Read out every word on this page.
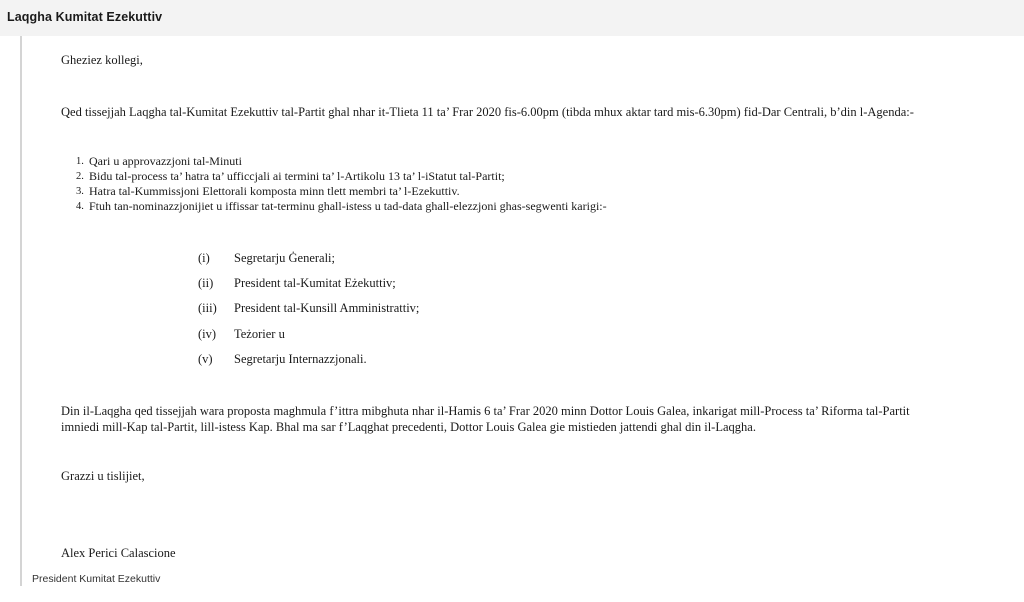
Laqgha Kumitat Ezekuttiv
Gheziez kollegi,
Qed tissejjah Laqgha tal-Kumitat Ezekuttiv tal-Partit ghal nhar it-Tlieta 11 ta’ Frar 2020 fis-6.00pm (tibda mhux aktar tard mis-6.30pm) fid-Dar Centrali, b’din l-Agenda:-
1. Qari u approvazzjoni tal-Minuti
2. Bidu tal-process ta’ hatra ta’ ufficcjali ai termini ta’ l-Artikolu 13 ta’ l-iStatut tal-Partit;
3. Hatra tal-Kummissjoni Elettorali komposta minn tlett membri ta’ l-Ezekuttiv.
4. Ftuh tan-nominazzjonijiet u iffissar tat-terminu ghall-istess u tad-data ghall-elezzjoni ghas-segwenti karigi:-
(i) Segretarju Ġenerali;
(ii) President tal-Kumitat Eżekuttiv;
(iii) President tal-Kunsill Amministrattiv;
(iv) Teżorier u
(v) Segretarju Internazzjonali.
Din il-Laqgha qed tissejjah wara proposta maghmula f’ittra mibghuta nhar il-Hamis 6 ta’ Frar 2020 minn Dottor Louis Galea, inkarigat mill-Process ta’ Riforma tal-Partit
imniedi mill-Kap tal-Partit, lill-istess Kap. Bhal ma sar f’Laqghat precedenti, Dottor Louis Galea gie mistieden jattendi ghal din il-Laqgha.
Grazzi u tislijiet,
Alex Perici Calascione
President Kumitat Ezekuttiv
